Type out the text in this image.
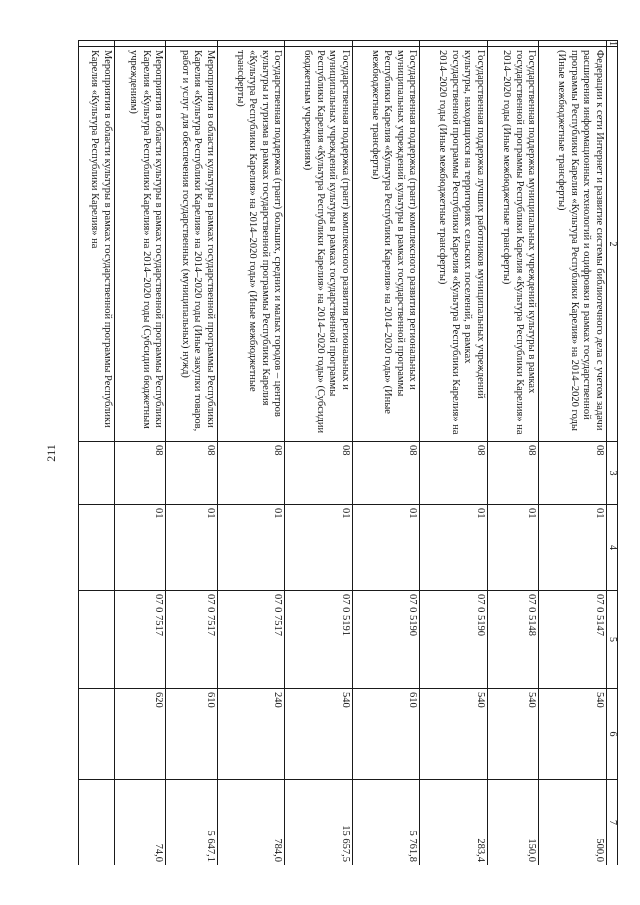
211
1	2	3	4	5	6	7
	Федерации к сети Интернет и развитие системы библиотечного дела с учетом задачи расширения информационных технологий и оцифровки в рамках государственной программы Республики Карелия «Культура Республики Карелия» на 2014–2020 годы (Иные межбюджетные трансферты)	08	01	07 0 5147	540	500,0
	Государственная поддержка муниципальных учреждений культуры в рамках государственной программы Республики Карелия «Культура Республики Карелия» на 2014–2020 годы (Иные межбюджетные трансферты)	08	01	07 0 5148	540	150,0
	Государственная поддержка лучших работников муниципальных учреждений культуры, находящихся на территориях сельских поселений, в рамках государственной программы Республики Карелия «Культура Республики Карелия» на 2014–2020 годы (Иные межбюджетные трансферты)	08	01	07 0 5190	540	283,4
	Государственная поддержка (грант) комплексного развития региональных и муниципальных учреждений культуры в рамках государственной программы Республики Карелия «Культура Республики Карелия» на 2014–2020 годы» (Иные межбюджетные трансферты)	08	01	07 0 5190	610	5 761,8
	Государственная поддержка (грант) комплексного развития региональных и муниципальных учреждений культуры в рамках государственной программы Республики Карелия «Культура Республики Карелия» на 2014–2020 годы» (Субсидии бюджетным учреждениям)	08	01	07 0 5191	540	15 657,5
	Государственная поддержка (грант) больших, средних и малых городов – центров культуры и туризма в рамках государственной программы Республики Карелия «Культура Республики Карелия» на 2014–2020 годы» (Иные межбюджетные трансферты)	08	01	07 0 7517	240	784,0
	Мероприятия в области культуры в рамках государственной программы Республики Карелия «Культура Республики Карелия» на 2014–2020 годы (Иные закупки товаров, работ и услуг для обеспечения государственных (муниципальных) нужд)	08	01	07 0 7517	610	5 647,1
	Мероприятия в области культуры в рамках государственной программы Республики Карелия «Культура Республики Карелия» на 2014–2020 годы (Субсидии бюджетным учреждениям)	08	01	07 0 7517	620	74,0
	Мероприятия в области культуры в рамках государственной программы Республики Карелия «Культура Республики Карелия» на					
